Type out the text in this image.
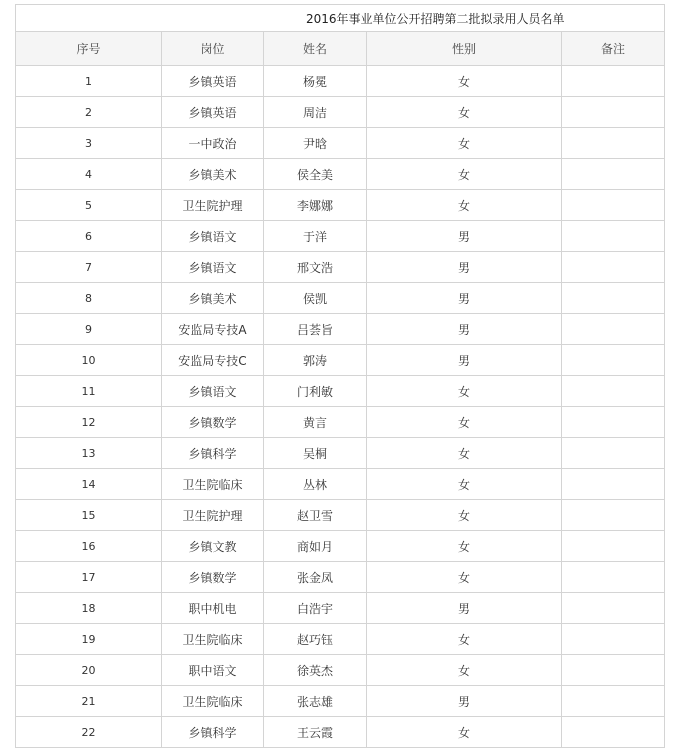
2016年事业单位公开招聘第二批拟录用人员名单				
序号	岗位	姓名	性别	备注
1	乡镇英语	杨冕	女	
2	乡镇英语	周洁	女	
3	一中政治	尹晗	女	
4	乡镇美术	侯全美	女	
5	卫生院护理	李娜娜	女	
6	乡镇语文	于洋	男	
7	乡镇语文	邢文浩	男	
8	乡镇美术	侯凯	男	
9	安监局专技A	吕荟旨	男	
10	安监局专技C	郭涛	男	
11	乡镇语文	门利敏	女	
12	乡镇数学	黄言	女	
13	乡镇科学	吴桐	女	
14	卫生院临床	丛林	女	
15	卫生院护理	赵卫雪	女	
16	乡镇文教	商如月	女	
17	乡镇数学	张金凤	女	
18	职中机电	白浩宇	男	
19	卫生院临床	赵巧钰	女	
20	职中语文	徐英杰	女	
21	卫生院临床	张志雄	男	
22	乡镇科学	王云霞	女	
